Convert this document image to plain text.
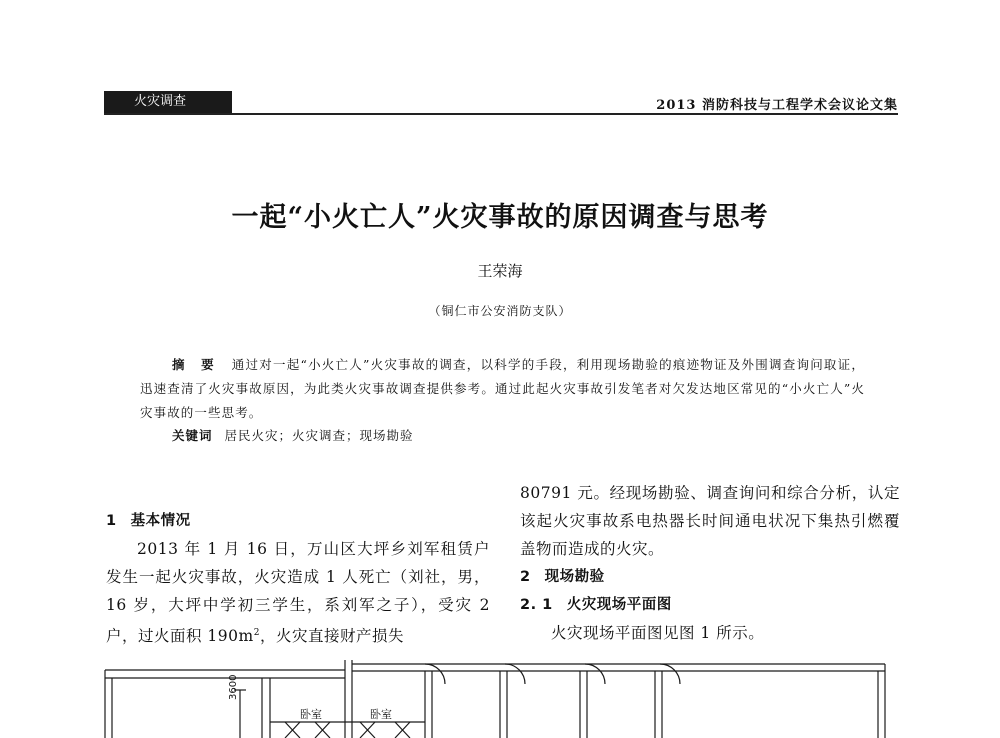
火灾调查	2013 消防科技与工程学术会议论文集
一起“小火亡人”火灾事故的原因调查与思考
王荣海
（铜仁市公安消防支队）
摘 要 通过对一起“小火亡人”火灾事故的调查，以科学的手段，利用现场勘验的痕迹物证及外围调查询问取证，迅速查清了火灾事故原因，为此类火灾事故调查提供参考。通过此起火灾事故引发笔者对欠发达地区常见的“小火亡人”火灾事故的一些思考。
关键词 居民火灾；火灾调查；现场勘验

1 基本情况

2013 年 1 月 16 日，万山区大坪乡刘军租赁户发生一起火灾事故，火灾造成 1 人死亡（刘社，男，16 岁，大坪中学初三学生，系刘军之子），受灾 2 户，过火面积 $190m^2$，火灾直接财产损失

80791 元。经现场勘验、调查询问和综合分析，认定该起火灾事故系电热器长时间通电状况下集热引燃覆盖物而造成的火灾。

2 现场勘验

2. 1 火灾现场平面图

火灾现场平面图见图 1 所示。

3600
卧室	卧室
